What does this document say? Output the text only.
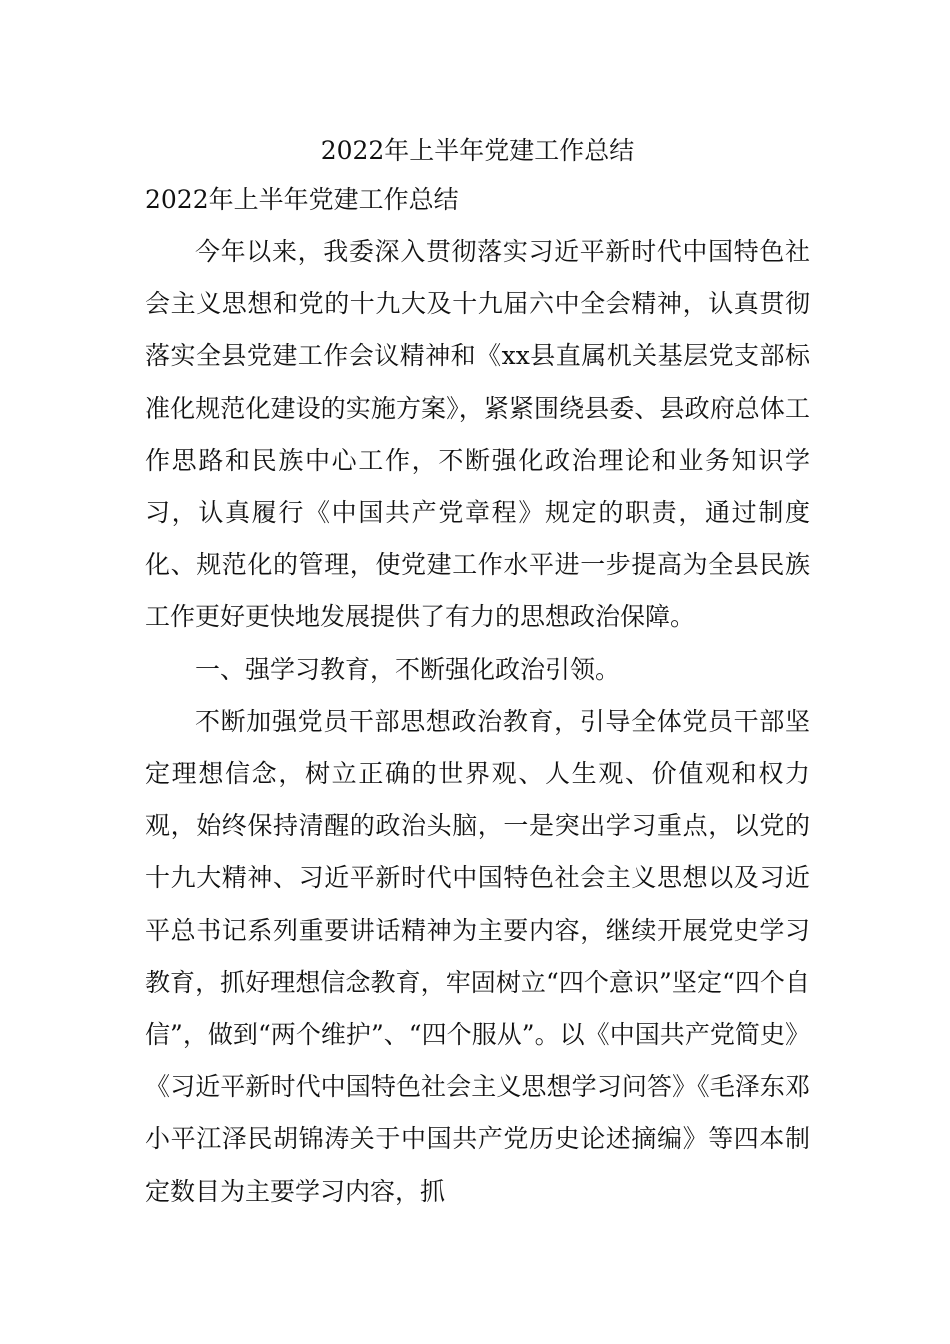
2022年上半年党建工作总结

2022年上半年党建工作总结

今年以来，我委深入贯彻落实习近平新时代中国特色社会主义思想和党的十九大及十九届六中全会精神，认真贯彻落实全县党建工作会议精神和《xx县直属机关基层党支部标准化规范化建设的实施方案》，紧紧围绕县委、县政府总体工作思路和民族中心工作，不断强化政治理论和业务知识学习，认真履行《中国共产党章程》规定的职责，通过制度化、规范化的管理，使党建工作水平进一步提高为全县民族工作更好更快地发展提供了有力的思想政治保障。

一、强学习教育，不断强化政治引领。

不断加强党员干部思想政治教育，引导全体党员干部坚定理想信念，树立正确的世界观、人生观、价值观和权力观，始终保持清醒的政治头脑，一是突出学习重点，以党的十九大精神、习近平新时代中国特色社会主义思想以及习近平总书记系列重要讲话精神为主要内容，继续开展党史学习教育，抓好理想信念教育，牢固树立“四个意识”坚定“四个自信”，做到“两个维护”、“四个服从”。以《中国共产党简史》《习近平新时代中国特色社会主义思想学习问答》《毛泽东邓小平江泽民胡锦涛关于中国共产党历史论述摘编》等四本制定数目为主要学习内容，抓
